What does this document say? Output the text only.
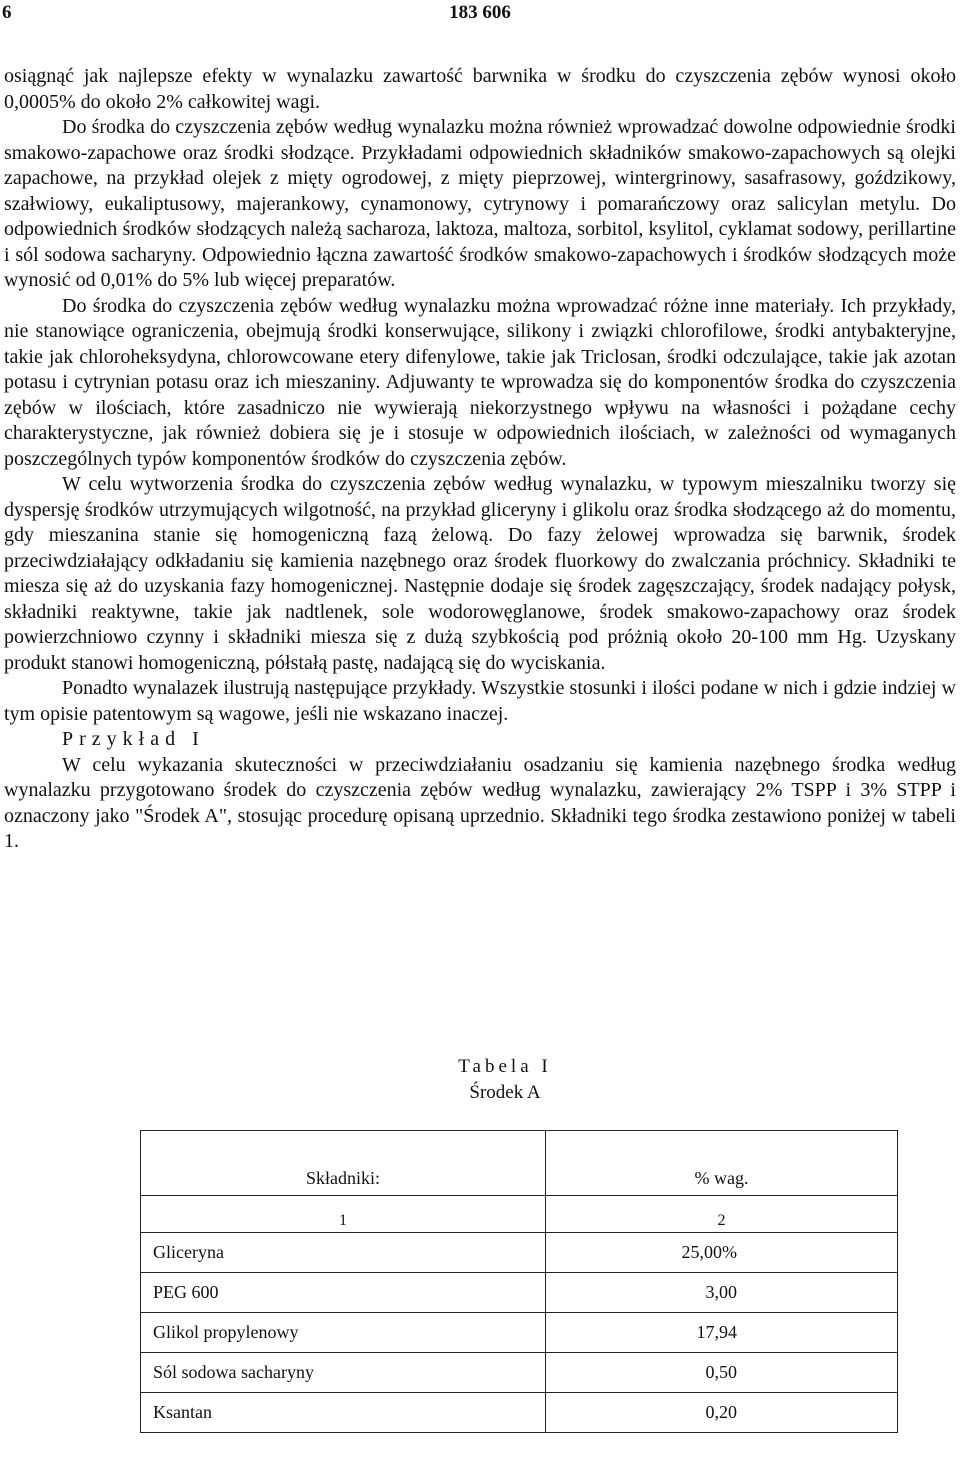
6	183 606

osiągnąć jak najlepsze efekty w wynalazku zawartość barwnika w środku do czyszczenia zębów wynosi około 0,0005% do około 2% całkowitej wagi.

Do środka do czyszczenia zębów według wynalazku można również wprowadzać dowolne odpowiednie środki smakowo-zapachowe oraz środki słodzące. Przykładami odpowiednich składników smakowo-zapachowych są olejki zapachowe, na przykład olejek z mięty ogrodowej, z mięty pieprzowej, wintergrinowy, sasafrasowy, goździkowy, szałwiowy, eukaliptusowy, majerankowy, cynamonowy, cytrynowy i pomarańczowy oraz salicylan metylu. Do odpowiednich środków słodzących należą sacharoza, laktoza, maltoza, sorbitol, ksylitol, cyklamat sodowy, perillartine i sól sodowa sacharyny. Odpowiednio łączna zawartość środków smakowo-zapachowych i środków słodzących może wynosić od 0,01% do 5% lub więcej preparatów.

Do środka do czyszczenia zębów według wynalazku można wprowadzać różne inne materiały. Ich przykłady, nie stanowiące ograniczenia, obejmują środki konserwujące, silikony i związki chlorofilowe, środki antybakteryjne, takie jak chloroheksydyna, chlorowcowane etery difenylowe, takie jak Triclosan, środki odczulające, takie jak azotan potasu i cytrynian potasu oraz ich mieszaniny. Adjuwanty te wprowadza się do komponentów środka do czyszczenia zębów w ilościach, które zasadniczo nie wywierają niekorzystnego wpływu na własności i pożądane cechy charakterystyczne, jak również dobiera się je i stosuje w odpowiednich ilościach, w zależności od wymaganych poszczególnych typów komponentów środków do czyszczenia zębów.

W celu wytworzenia środka do czyszczenia zębów według wynalazku, w typowym mieszalniku tworzy się dyspersję środków utrzymujących wilgotność, na przykład gliceryny i glikolu oraz środka słodzącego aż do momentu, gdy mieszanina stanie się homogeniczną fazą żelową. Do fazy żelowej wprowadza się barwnik, środek przeciwdziałający odkładaniu się kamienia nazębnego oraz środek fluorkowy do zwalczania próchnicy. Składniki te miesza się aż do uzyskania fazy homogenicznej. Następnie dodaje się środek zagęszczający, środek nadający połysk, składniki reaktywne, takie jak nadtlenek, sole wodorowęglanowe, środek smakowo-zapachowy oraz środek powierzchniowo czynny i składniki miesza się z dużą szybkością pod próżnią około 20-100 mm Hg. Uzyskany produkt stanowi homogeniczną, półstałą pastę, nadającą się do wyciskania.

Ponadto wynalazek ilustrują następujące przykłady. Wszystkie stosunki i ilości podane w nich i gdzie indziej w tym opisie patentowym są wagowe, jeśli nie wskazano inaczej.

Przykład I

W celu wykazania skuteczności w przeciwdziałaniu osadzaniu się kamienia nazębnego środka według wynalazku przygotowano środek do czyszczenia zębów według wynalazku, zawierający 2% TSPP i 3% STPP i oznaczony jako "Środek A", stosując procedurę opisaną uprzednio. Składniki tego środka zestawiono poniżej w tabeli 1.

Tabela I
Środek A
Składniki:	% wag.
1	2
Gliceryna	25,00%
PEG 600	3,00
Glikol propylenowy	17,94
Sól sodowa sacharyny	0,50
Ksantan	0,20
